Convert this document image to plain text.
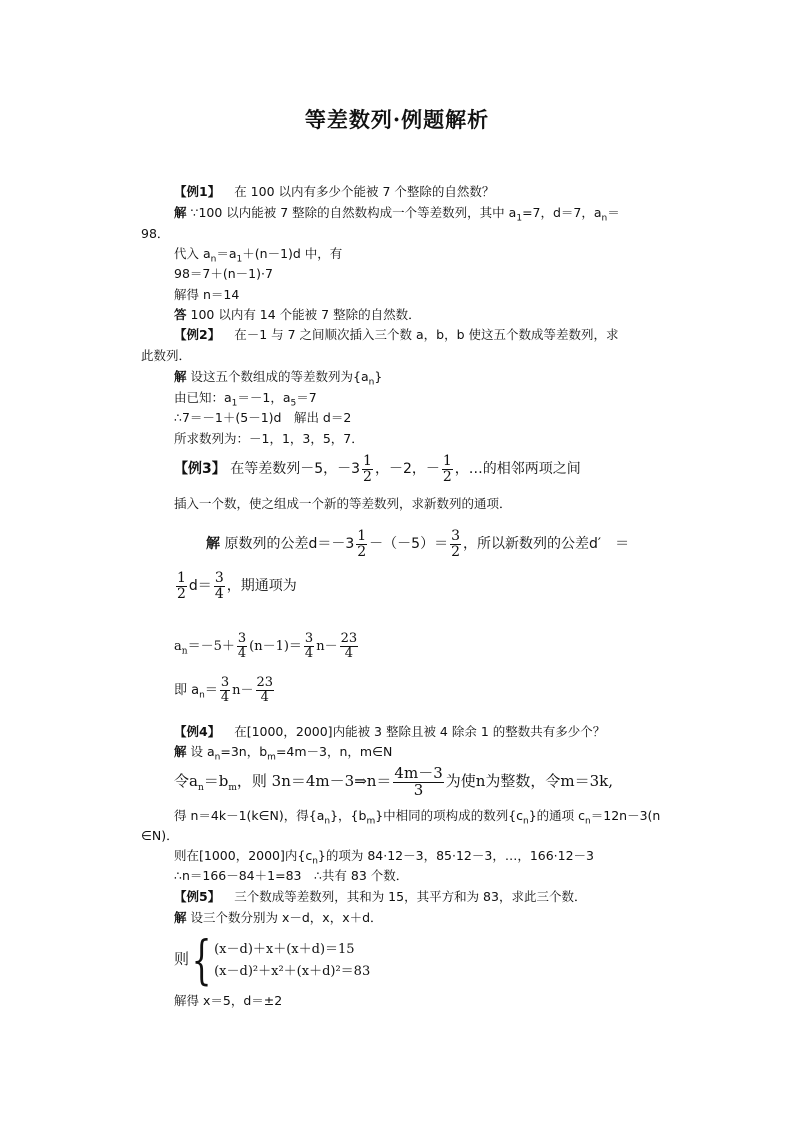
等差数列·例题解析
【例1】 在 100 以内有多少个能被 7 个整除的自然数？
解 ∵100 以内能被 7 整除的自然数构成一个等差数列，其中 $a_1=7$，d＝7，$a_n=$
98．
代入 $a_n=a_1+(n-1)d$ 中，有
98＝7＋(n－1)·7
解得 n＝14
答 100 以内有 14 个能被 7 整除的自然数．
【例2】 在－1 与 7 之间顺次插入三个数 a，b，b 使这五个数成等差数列，求
此数列．
解 设这五个数组成的等差数列为$\{a_n\}$
由已知：$a_1=-1$，$a_5=7$
∴7＝－1＋(5－1)d　解出 d＝2
所求数列为：－1，1，3，5，7．
【例3】 在等差数列－5，$-3 \frac{1}{2}$ ，－2，－ $\frac{1}{2}$ ，…的相邻两项之间
插入一个数，使之组成一个新的等差数列，求新数列的通项．
解 原数列的公差$d=-3 \frac{1}{2} -(-5)= \frac{3}{2}$ ，所以新数列的公差d′　＝
$\frac{1}{2} d= \frac{3}{4}$ ，期通项为
$a_n=-5+ \frac{3}{4} (n-1)= \frac{3}{4} n- \frac{23}{4}$
即 $a_n= \frac{3}{4} n- \frac{23}{4}$
【例4】 在[1000，2000]内能被 3 整除且被 4 除余 1 的整数共有多少个？
解 设 $a_n=3n$，$b_m=4m-3$，n，m∈N
令$a_n=b_m$，则 3n＝4m－3⇒n＝ $\frac{4m-3}{3}$ 为使n为整数，令m＝3k,
得 n＝4k－1(k∈N)，得$\{a_n\}$，$\{b_m\}$中相同的项构成的数列$\{c_n\}$的通项 $c_n=12n-3(n$
∈N)．
则在[1000，2000]内$\{c_n\}$的项为 84·12－3，85·12－3，…，166·12－3
∴n＝166－84＋1=83　∴共有 83 个数．
【例5】 三个数成等差数列，其和为 15，其平方和为 83，求此三个数．
解 设三个数分别为 x－d，x，x＋d．
则{ (x－d)＋x＋(x＋d)＝15
(x－d)²＋x²＋(x＋d)²＝83
解得 x＝5，d＝±2
